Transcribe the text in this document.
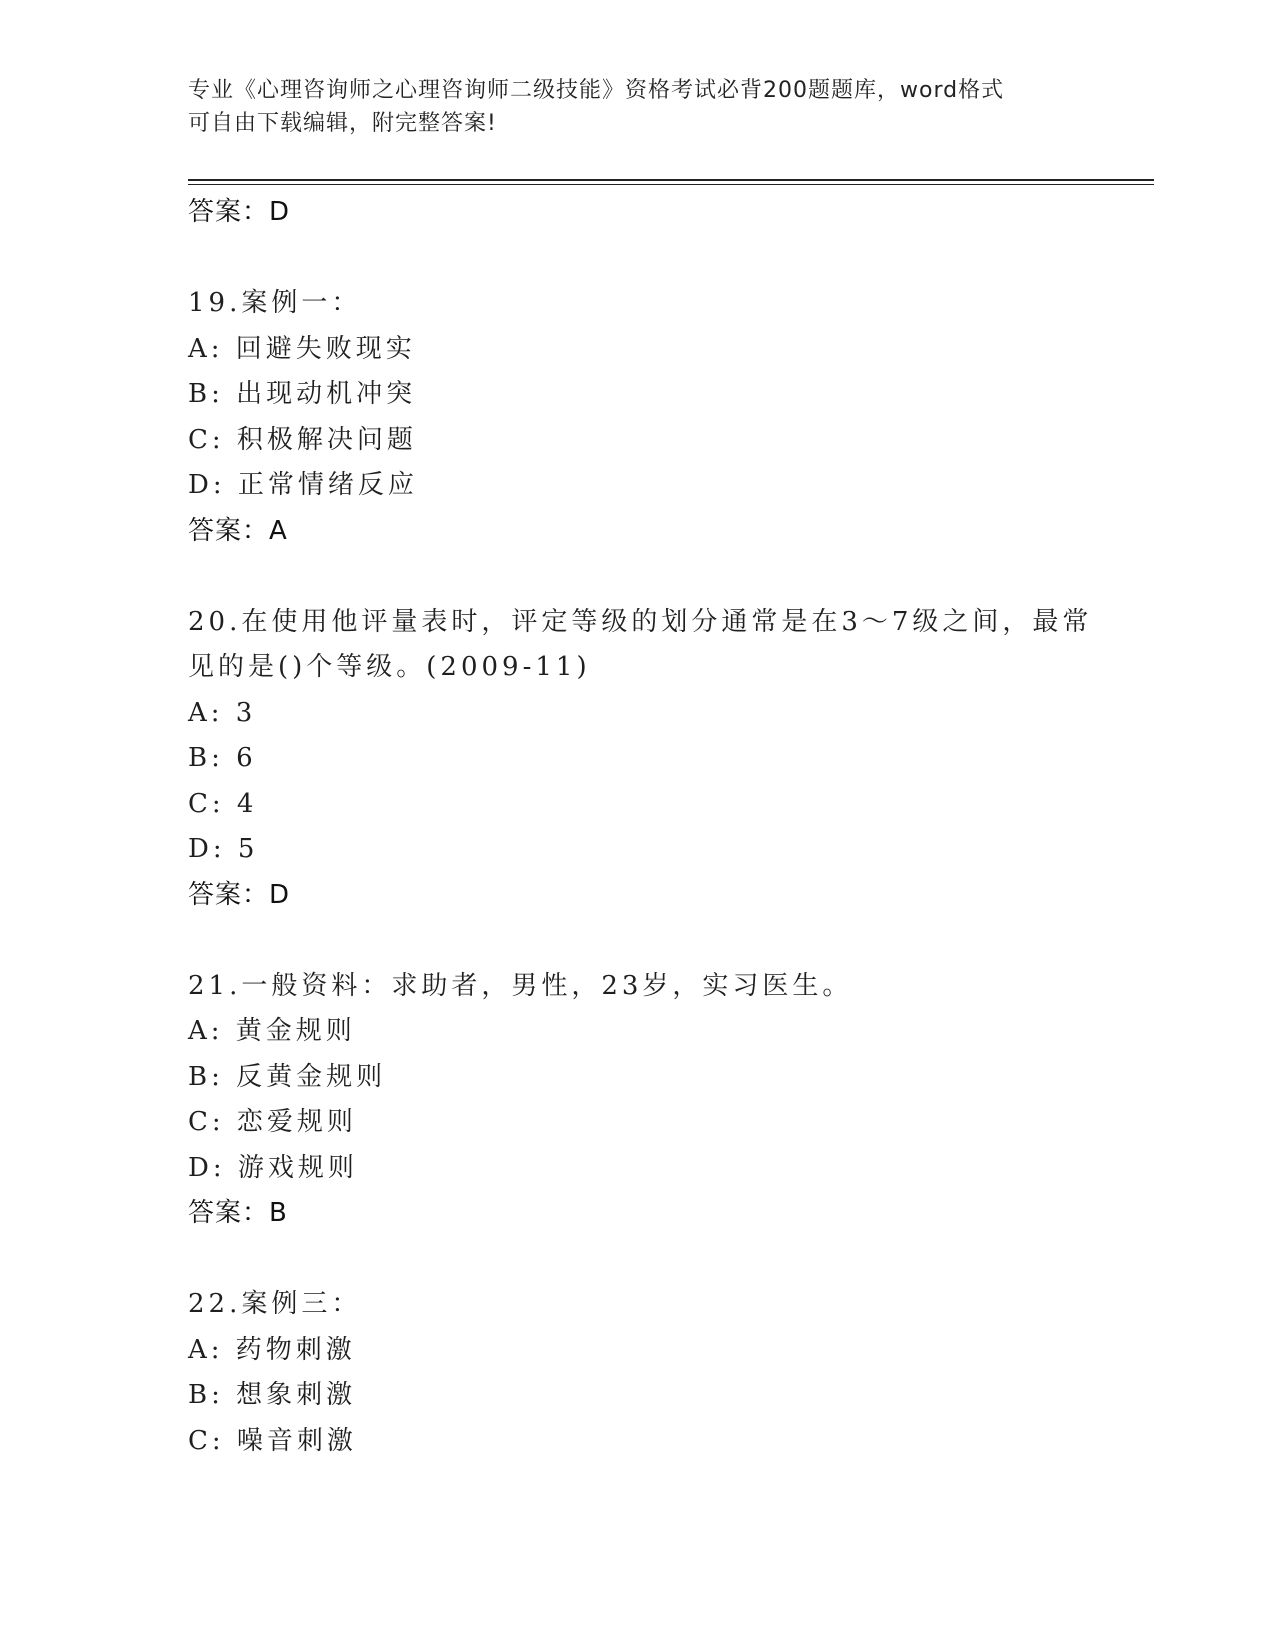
专业《心理咨询师之心理咨询师二级技能》资格考试必背200题题库，word格式
可自由下载编辑，附完整答案!
答案：D
19.案例一：
A: 回避失败现实
B: 出现动机冲突
C: 积极解决问题
D: 正常情绪反应
答案：A
20.在使用他评量表时，评定等级的划分通常是在3～7级之间，最常
见的是()个等级。(2009-11)
A: 3
B: 6
C: 4
D: 5
答案：D
21.一般资料：求助者，男性，23岁，实习医生。
A: 黄金规则
B: 反黄金规则
C: 恋爱规则
D: 游戏规则
答案：B
22.案例三：
A: 药物刺激
B: 想象刺激
C: 噪音刺激
